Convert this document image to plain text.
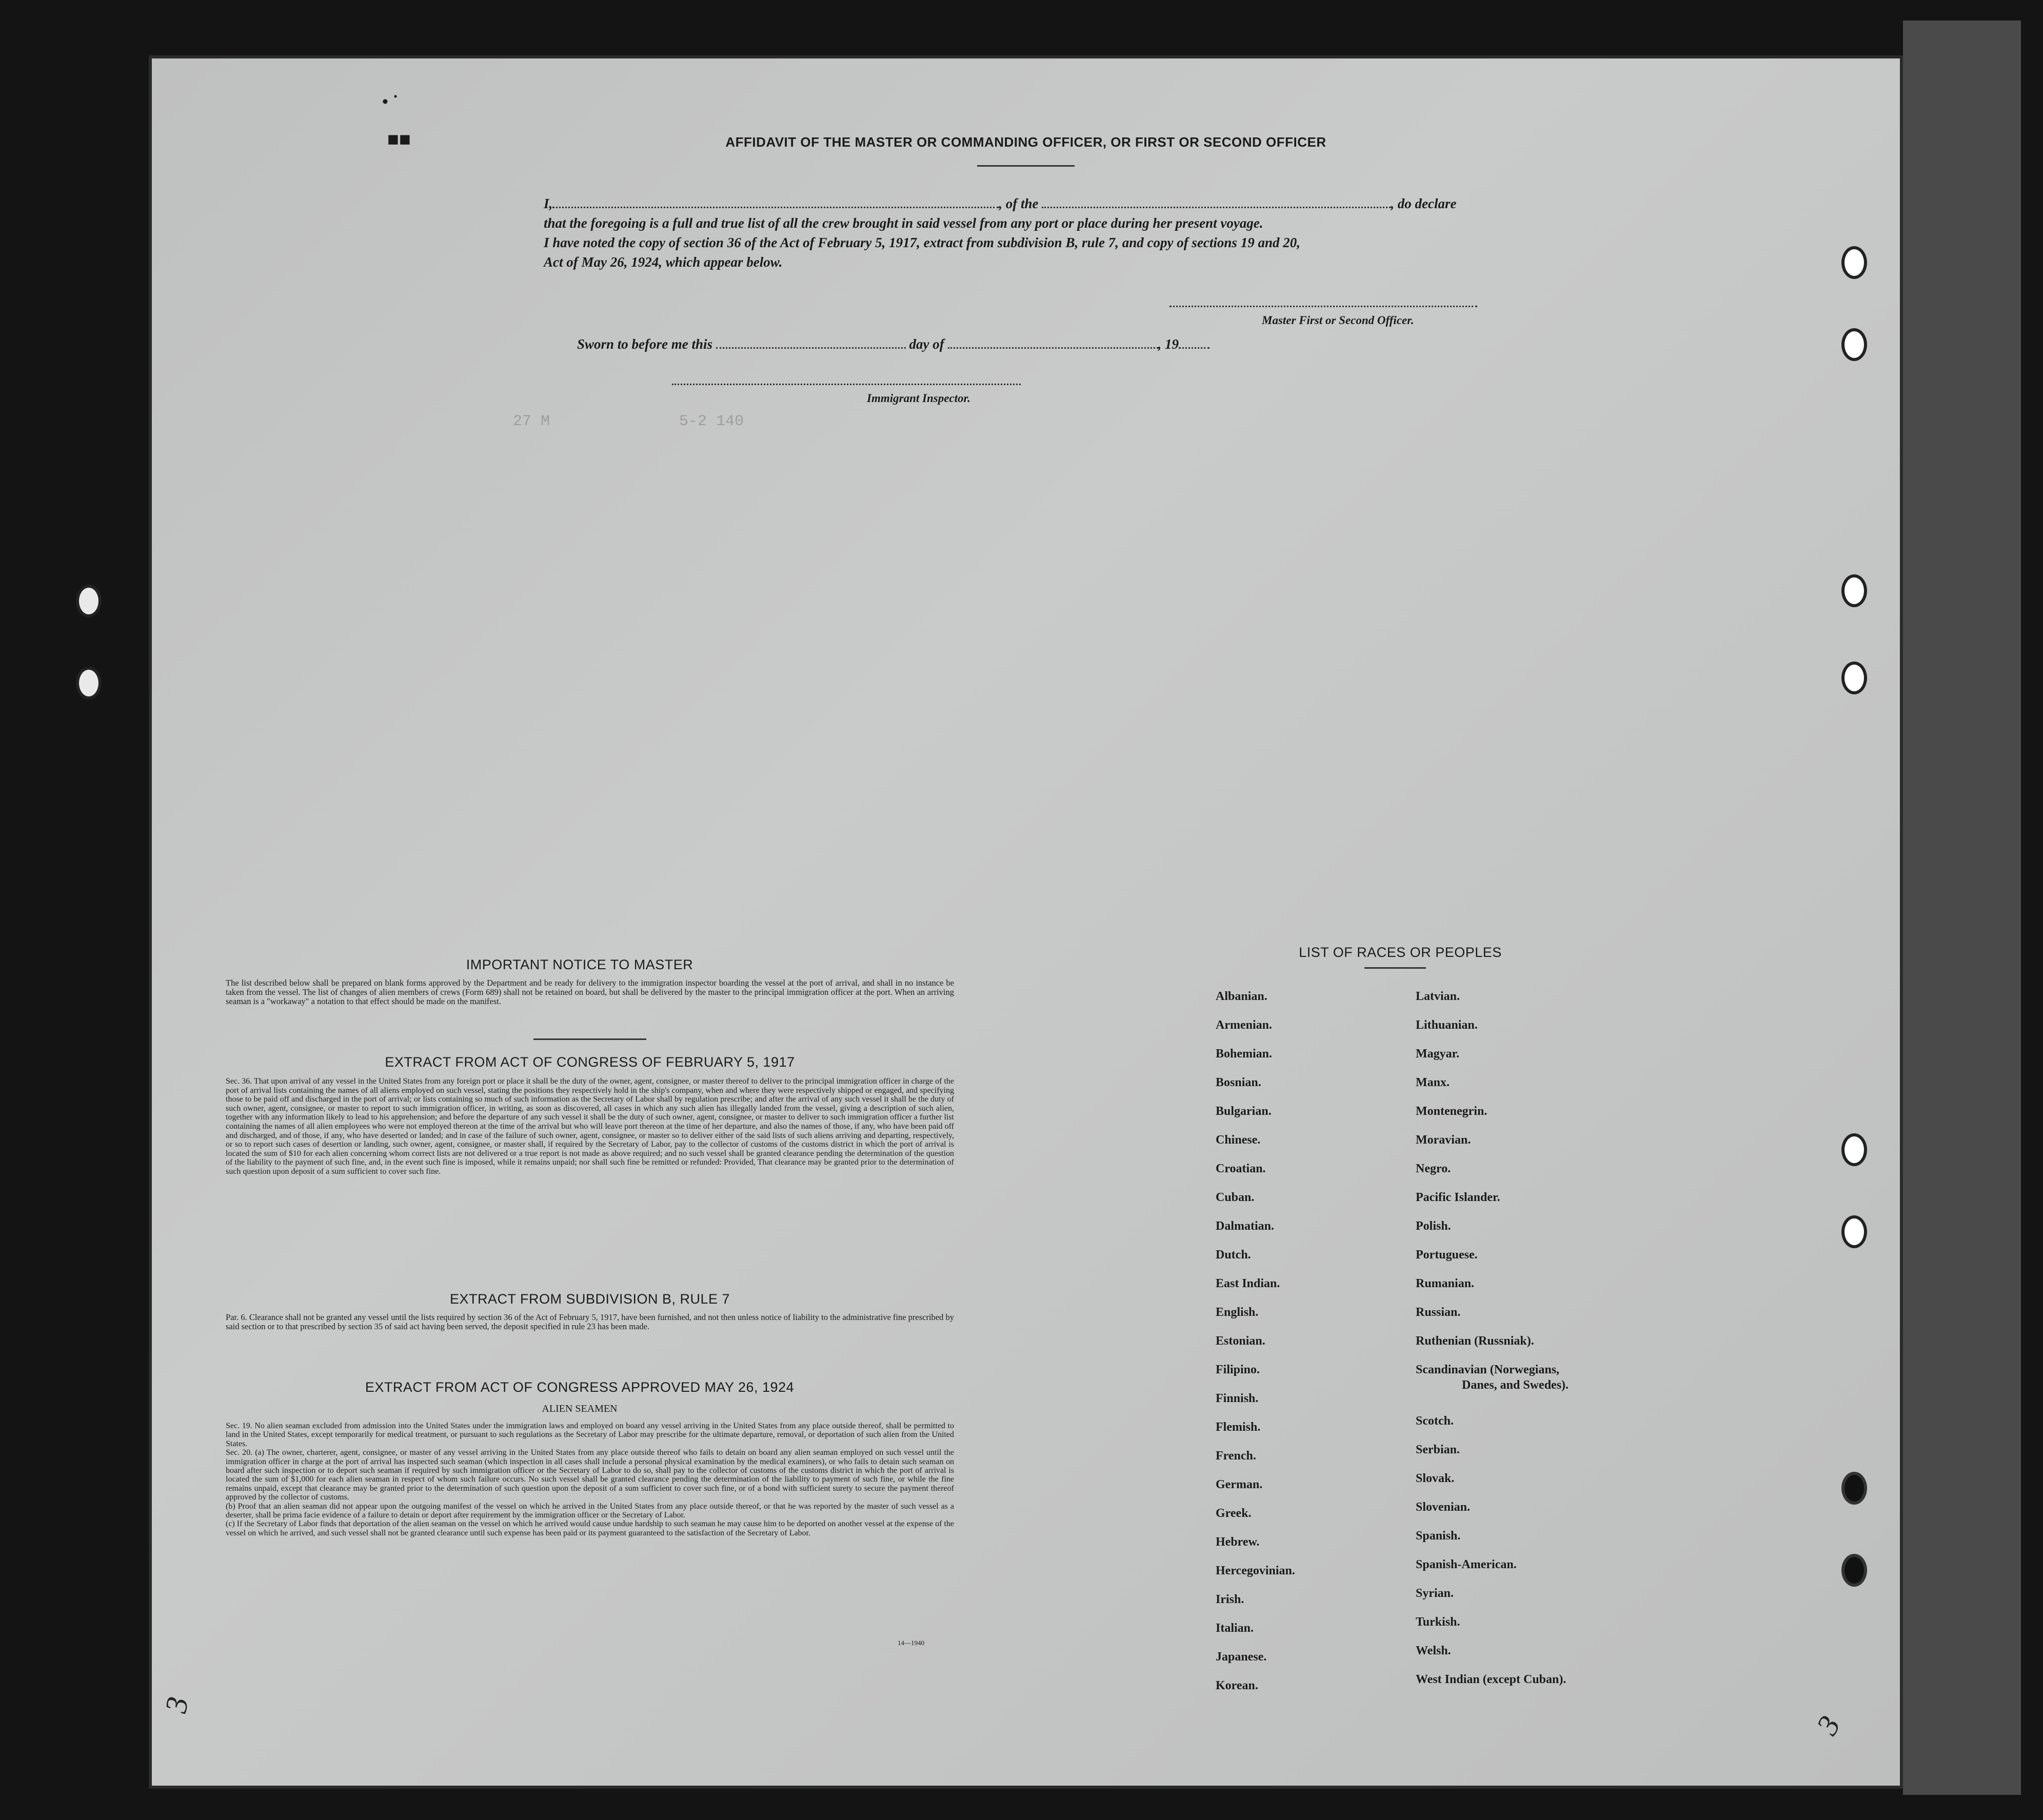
27 M              5-2 140
• ˙
■■	AFFIDAVIT OF THE MASTER OR COMMANDING OFFICER, OR FIRST OR SECOND OFFICER
I,	, of the	, do declare
that the foregoing is a full and true list of all the crew brought in said vessel from any port or place during her present voyage.
I have noted the copy of section 36 of the Act of February 5, 1917, extract from subdivision B, rule 7, and copy of sections 19 and 20,
Act of May 26, 1924, which appear below.
Master First or Second Officer.
Sworn to before me this	day of	, 19
Immigrant Inspector.
IMPORTANT NOTICE TO MASTER
The list described below shall be prepared on blank forms approved by the Department and be ready for delivery to the immigration inspector boarding the vessel at the port of arrival, and shall in no instance be taken from the vessel. The list of changes of alien members of crews (Form 689) shall not be retained on board, but shall be delivered by the master to the principal immigration officer at the port. When an arriving seaman is a "workaway" a notation to that effect should be made on the manifest.
EXTRACT FROM ACT OF CONGRESS OF FEBRUARY 5, 1917
Sec. 36. That upon arrival of any vessel in the United States from any foreign port or place it shall be the duty of the owner, agent, consignee, or master thereof to deliver to the principal immigration officer in charge of the port of arrival lists containing the names of all aliens employed on such vessel, stating the positions they respectively hold in the ship's company, when and where they were respectively shipped or engaged, and specifying those to be paid off and discharged in the port of arrival; or lists containing so much of such information as the Secretary of Labor shall by regulation prescribe; and after the arrival of any such vessel it shall be the duty of such owner, agent, consignee, or master to report to such immigration officer, in writing, as soon as discovered, all cases in which any such alien has illegally landed from the vessel, giving a description of such alien, together with any information likely to lead to his apprehension; and before the departure of any such vessel it shall be the duty of such owner, agent, consignee, or master to deliver to such immigration officer a further list containing the names of all alien employees who were not employed thereon at the time of the arrival but who will leave port thereon at the time of her departure, and also the names of those, if any, who have been paid off and discharged, and of those, if any, who have deserted or landed; and in case of the failure of such owner, agent, consignee, or master so to deliver either of the said lists of such aliens arriving and departing, respectively, or so to report such cases of desertion or landing, such owner, agent, consignee, or master shall, if required by the Secretary of Labor, pay to the collector of customs of the customs district in which the port of arrival is located the sum of $10 for each alien concerning whom correct lists are not delivered or a true report is not made as above required; and no such vessel shall be granted clearance pending the determination of the question of the liability to the payment of such fine, and, in the event such fine is imposed, while it remains unpaid; nor shall such fine be remitted or refunded: Provided, That clearance may be granted prior to the determination of such question upon deposit of a sum sufficient to cover such fine.
EXTRACT FROM SUBDIVISION B, RULE 7
Par. 6. Clearance shall not be granted any vessel until the lists required by section 36 of the Act of February 5, 1917, have been furnished, and not then unless notice of liability to the administrative fine prescribed by said section or to that prescribed by section 35 of said act having been served, the deposit specified in rule 23 has been made.
EXTRACT FROM ACT OF CONGRESS APPROVED MAY 26, 1924
ALIEN SEAMEN
Sec. 19. No alien seaman excluded from admission into the United States under the immigration laws and employed on board any vessel arriving in the United States from any place outside thereof, shall be permitted to land in the United States, except temporarily for medical treatment, or pursuant to such regulations as the Secretary of Labor may prescribe for the ultimate departure, removal, or deportation of such alien from the United States.
Sec. 20. (a) The owner, charterer, agent, consignee, or master of any vessel arriving in the United States from any place outside thereof who fails to detain on board any alien seaman employed on such vessel until the immigration officer in charge at the port of arrival has inspected such seaman (which inspection in all cases shall include a personal physical examination by the medical examiners), or who fails to detain such seaman on board after such inspection or to deport such seaman if required by such immigration officer or the Secretary of Labor to do so, shall pay to the collector of customs of the customs district in which the port of arrival is located the sum of $1,000 for each alien seaman in respect of whom such failure occurs. No such vessel shall be granted clearance pending the determination of the liability to payment of such fine, or while the fine remains unpaid, except that clearance may be granted prior to the determination of such question upon the deposit of a sum sufficient to cover such fine, or of a bond with sufficient surety to secure the payment thereof approved by the collector of customs.
(b) Proof that an alien seaman did not appear upon the outgoing manifest of the vessel on which he arrived in the United States from any place outside thereof, or that he was reported by the master of such vessel as a deserter, shall be prima facie evidence of a failure to detain or deport after requirement by the immigration officer or the Secretary of Labor.
(c) If the Secretary of Labor finds that deportation of the alien seaman on the vessel on which he arrived would cause undue hardship to such seaman he may cause him to be deported on another vessel at the expense of the vessel on which he arrived, and such vessel shall not be granted clearance until such expense has been paid or its payment guaranteed to the satisfaction of the Secretary of Labor.
14—1940
LIST OF RACES OR PEOPLES
Albanian.
Armenian.
Bohemian.
Bosnian.
Bulgarian.
Chinese.
Croatian.
Cuban.
Dalmatian.
Dutch.
East Indian.
English.
Estonian.
Filipino.
Finnish.
Flemish.
French.
German.
Greek.
Hebrew.
Hercegovinian.
Irish.
Italian.
Japanese.
Korean.
Latvian.
Lithuanian.
Magyar.
Manx.
Montenegrin.
Moravian.
Negro.
Pacific Islander.
Polish.
Portuguese.
Rumanian.
Russian.
Ruthenian (Russniak).
Scandinavian (Norwegians,
Danes, and Swedes).
Scotch.
Serbian.
Slovak.
Slovenian.
Spanish.
Spanish-American.
Syrian.
Turkish.
Welsh.
West Indian (except Cuban).
3
3
